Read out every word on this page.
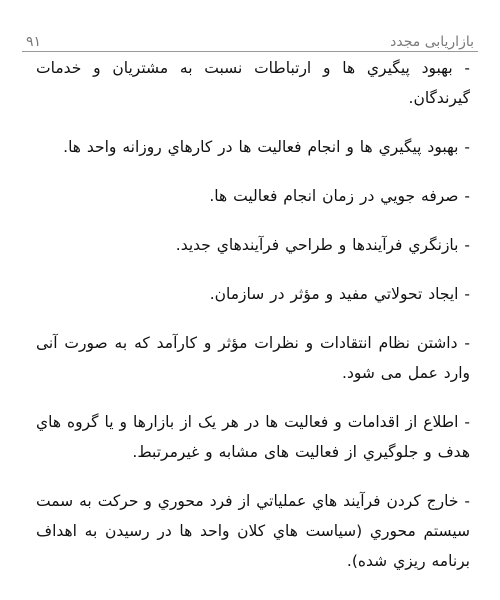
بازاريابی مجدد
۹۱

- بهبود پيگيري ها و ارتباطات نسبت به مشتريان و خدمات گيرندگان.

- بهبود پيگيري ها و انجام فعاليت ها در كارهاي روزانه واحد ها.

- صرفه جويي در زمان انجام فعاليت ها.

- بازنگري فرآيندها و طراحي فرآيندهاي جديد.

- ايجاد تحولاتي مفيد و مؤثر در سازمان.

- داشتن نظام انتقادات و نظرات مؤثر و كارآمد كه به صورت آنی وارد عمل می شود.

- اطلاع از اقدامات و فعاليت ها در هر يک از بازارها و يا گروه هاي هدف و جلوگيري از فعاليت های مشابه و غيرمرتبط.

- خارج كردن فرآيند هاي عملياتي از فرد محوري و حركت به سمت سيستم محوري (سياست هاي كلان واحد ها در رسيدن به اهداف برنامه ريزي شده).
